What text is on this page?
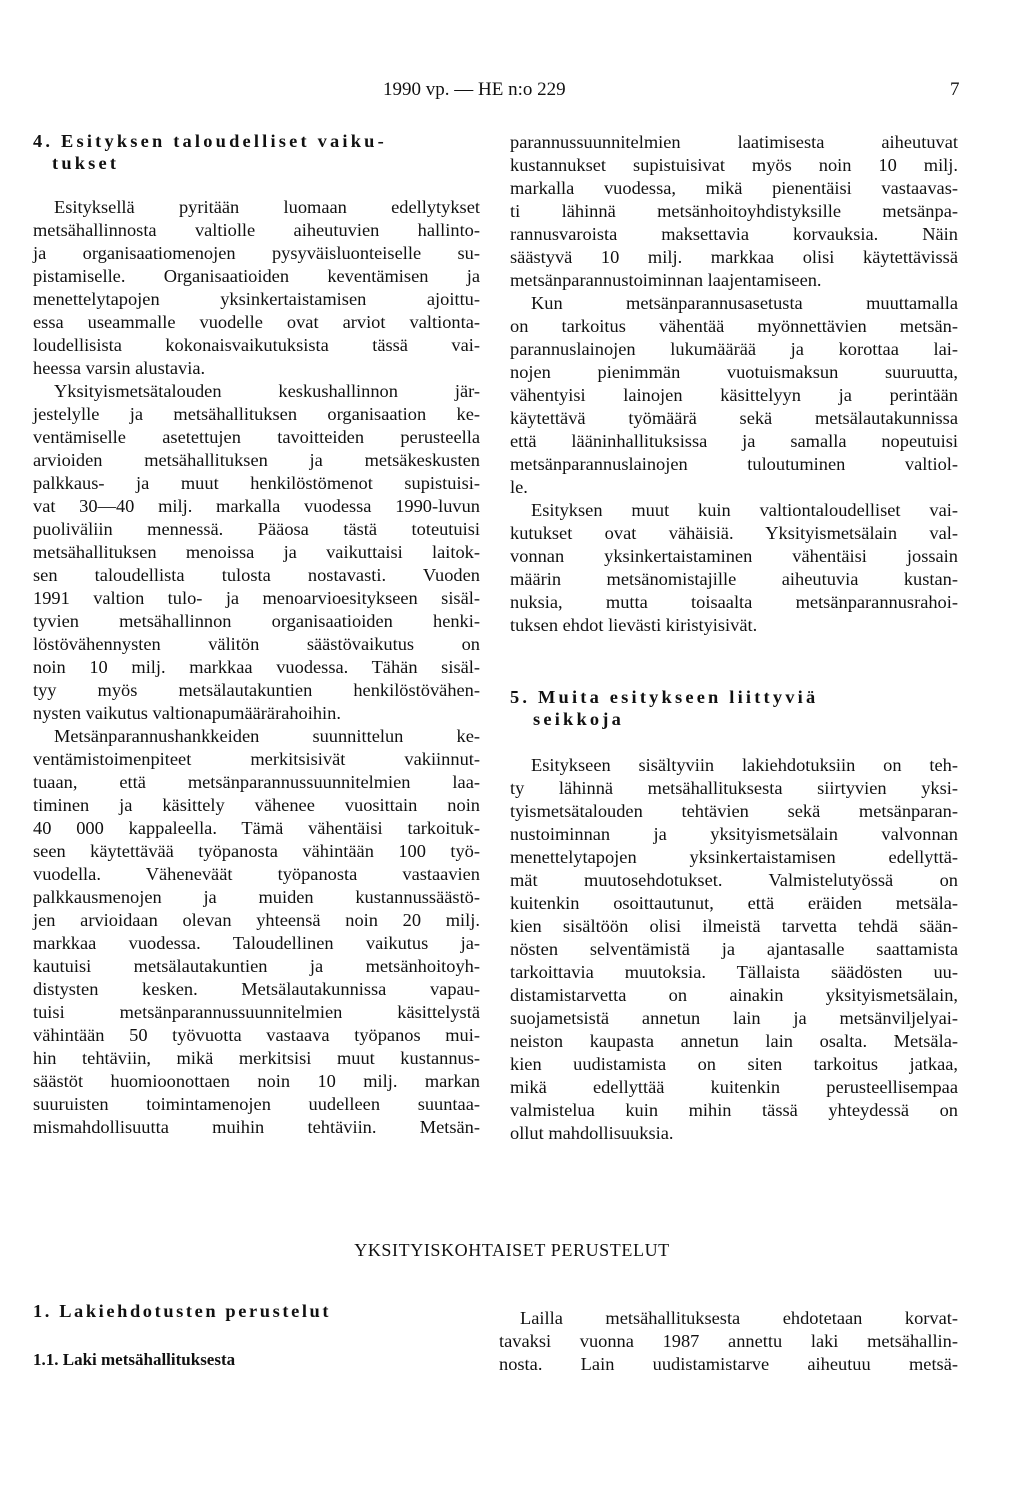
1990 vp. — HE n:o 229	7
4. Esityksen taloudelliset vaiku-
tukset
Esityksellä pyritään luomaan edellytykset
metsähallinnosta valtiolle aiheutuvien hallinto-
ja organisaatiomenojen pysyväisluonteiselle su-
pistamiselle. Organisaatioiden keventämisen ja
menettelytapojen yksinkertaistamisen ajoittu-
essa useammalle vuodelle ovat arviot valtionta-
loudellisista kokonaisvaikutuksista tässä vai-
heessa varsin alustavia.
Yksityismetsätalouden keskushallinnon jär-
jestelylle ja metsähallituksen organisaation ke-
ventämiselle asetettujen tavoitteiden perusteella
arvioiden metsähallituksen ja metsäkeskusten
palkkaus- ja muut henkilöstömenot supistuisi-
vat 30—40 milj. markalla vuodessa 1990-luvun
puoliväliin mennessä. Pääosa tästä toteutuisi
metsähallituksen menoissa ja vaikuttaisi laitok-
sen taloudellista tulosta nostavasti. Vuoden
1991 valtion tulo- ja menoarvioesitykseen sisäl-
tyvien metsähallinnon organisaatioiden henki-
löstövähennysten välitön säästövaikutus on
noin 10 milj. markkaa vuodessa. Tähän sisäl-
tyy myös metsälautakuntien henkilöstövähen-
nysten vaikutus valtionapumäärärahoihin.
Metsänparannushankkeiden suunnittelun ke-
ventämistoimenpiteet merkitsisivät vakiinnut-
tuaan, että metsänparannussuunnitelmien laa-
timinen ja käsittely vähenee vuosittain noin
40 000 kappaleella. Tämä vähentäisi tarkoituk-
seen käytettävää työpanosta vähintään 100 työ-
vuodella. Väheneväät työpanosta vastaavien
palkkausmenojen ja muiden kustannussäästö-
jen arvioidaan olevan yhteensä noin 20 milj.
markkaa vuodessa. Taloudellinen vaikutus ja-
kautuisi metsälautakuntien ja metsänhoitoyh-
distysten kesken. Metsälautakunnissa vapau-
tuisi metsänparannussuunnitelmien käsittelystä
vähintään 50 työvuotta vastaava työpanos mui-
hin tehtäviin, mikä merkitsisi muut kustannus-
säästöt huomioonottaen noin 10 milj. markan
suuruisten toimintamenojen uudelleen suuntaa-
mismahdollisuutta muihin tehtäviin. Metsän-
parannussuunnitelmien laatimisesta aiheutuvat
kustannukset supistuisivat myös noin 10 milj.
markalla vuodessa, mikä pienentäisi vastaavas-
ti lähinnä metsänhoitoyhdistyksille metsänpa-
rannusvaroista maksettavia korvauksia. Näin
säästyvä 10 milj. markkaa olisi käytettävissä
metsänparannustoiminnan laajentamiseen.
Kun metsänparannusasetusta muuttamalla
on tarkoitus vähentää myönnettävien metsän-
parannuslainojen lukumäärää ja korottaa lai-
nojen pienimmän vuotuismaksun suuruutta,
vähentyisi lainojen käsittelyyn ja perintään
käytettävä työmäärä sekä metsälautakunnissa
että lääninhallituksissa ja samalla nopeutuisi
metsänparannuslainojen tuloutuminen valtiol-
le.
Esityksen muut kuin valtiontaloudelliset vai-
kutukset ovat vähäisiä. Yksityismetsälain val-
vonnan yksinkertaistaminen vähentäisi jossain
määrin metsänomistajille aiheutuvia kustan-
nuksia, mutta toisaalta metsänparannusrahoi-
tuksen ehdot lievästi kiristyisivät.
5. Muita esitykseen liittyviä
seikkoja
Esitykseen sisältyviin lakiehdotuksiin on teh-
ty lähinnä metsähallituksesta siirtyvien yksi-
tyismetsätalouden tehtävien sekä metsänparan-
nustoiminnan ja yksityismetsälain valvonnan
menettelytapojen yksinkertaistamisen edellyttä-
mät muutosehdotukset. Valmistelutyössä on
kuitenkin osoittautunut, että eräiden metsäla-
kien sisältöön olisi ilmeistä tarvetta tehdä sään-
nösten selventämistä ja ajantasalle saattamista
tarkoittavia muutoksia. Tällaista säädösten uu-
distamistarvetta on ainakin yksityismetsälain,
suojametsistä annetun lain ja metsänviljelyai-
neiston kaupasta annetun lain osalta. Metsäla-
kien uudistamista on siten tarkoitus jatkaa,
mikä edellyttää kuitenkin perusteellisempaa
valmistelua kuin mihin tässä yhteydessä on
ollut mahdollisuuksia.
YKSITYISKOHTAISET PERUSTELUT
1. Lakiehdotusten perustelut
1.1. Laki metsähallituksesta
Lailla metsähallituksesta ehdotetaan korvat-
tavaksi vuonna 1987 annettu laki metsähallin-
nosta. Lain uudistamistarve aiheutuu metsä-
